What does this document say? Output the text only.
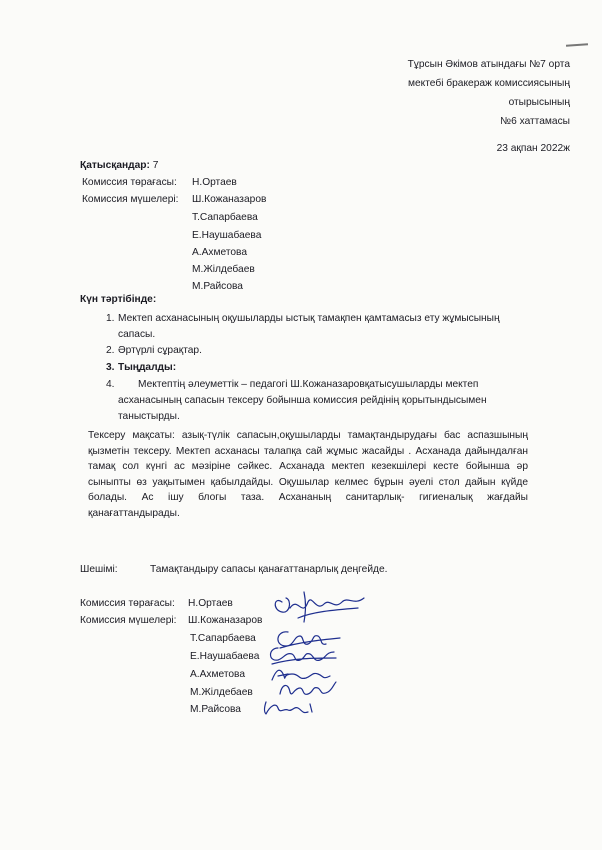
Тұрсын Әкімов атындағы №7 орта
мектебі бракераж комиссиясының
отырысының
№6 хаттамасы
23 ақпан 2022ж
Қатысқандар: 7
Комиссия төрағасы: Н.Ортаев
Комиссия мүшелері: Ш.Кожаназаров
Т.Сапарбаева
Е.Наушабаева
А.Ахметова
М.Жілдебаев
М.Райсова
Күн тәртібінде:
1. Мектеп асханасының оқушыларды ыстық тамақпен қамтамасыз ету жұмысының сапасы.
2. Әртүрлі сұрақтар.
3. Тыңдалды:
4. Мектептің әлеуметтік – педагогі Ш.Кожаназаровқатысушыларды мектеп асханасының сапасын тексеру бойынша комиссия рейдінің қорытындысымен таныстырды.
Тексеру мақсаты: азық-түлік сапасын,оқушыларды тамақтандырудағы бас аспазшының қызметін тексеру. Мектеп асханасы талапқа сай жұмыс жасайды . Асханада дайындалған тамақ сол күнгі ас мәзіріне сәйкес. Асханада мектеп кезекшілері кесте бойынша әр сыныпты өз уақытымен қабылдайды. Оқушылар келмес бұрын әуелі стол дайын күйде болады. Ас ішу блогы таза. Асхананың санитарлық- гигиеналық жағдайы қанағаттандырады.
Шешімі:	Тамақтандыру сапасы қанағаттанарлық деңгейде.
Комиссия төрағасы: Н.Ортаев
Комиссия мүшелері: Ш.Кожаназаров
Т.Сапарбаева
Е.Наушабаева
А.Ахметова
М.Жілдебаев
М.Райсова
